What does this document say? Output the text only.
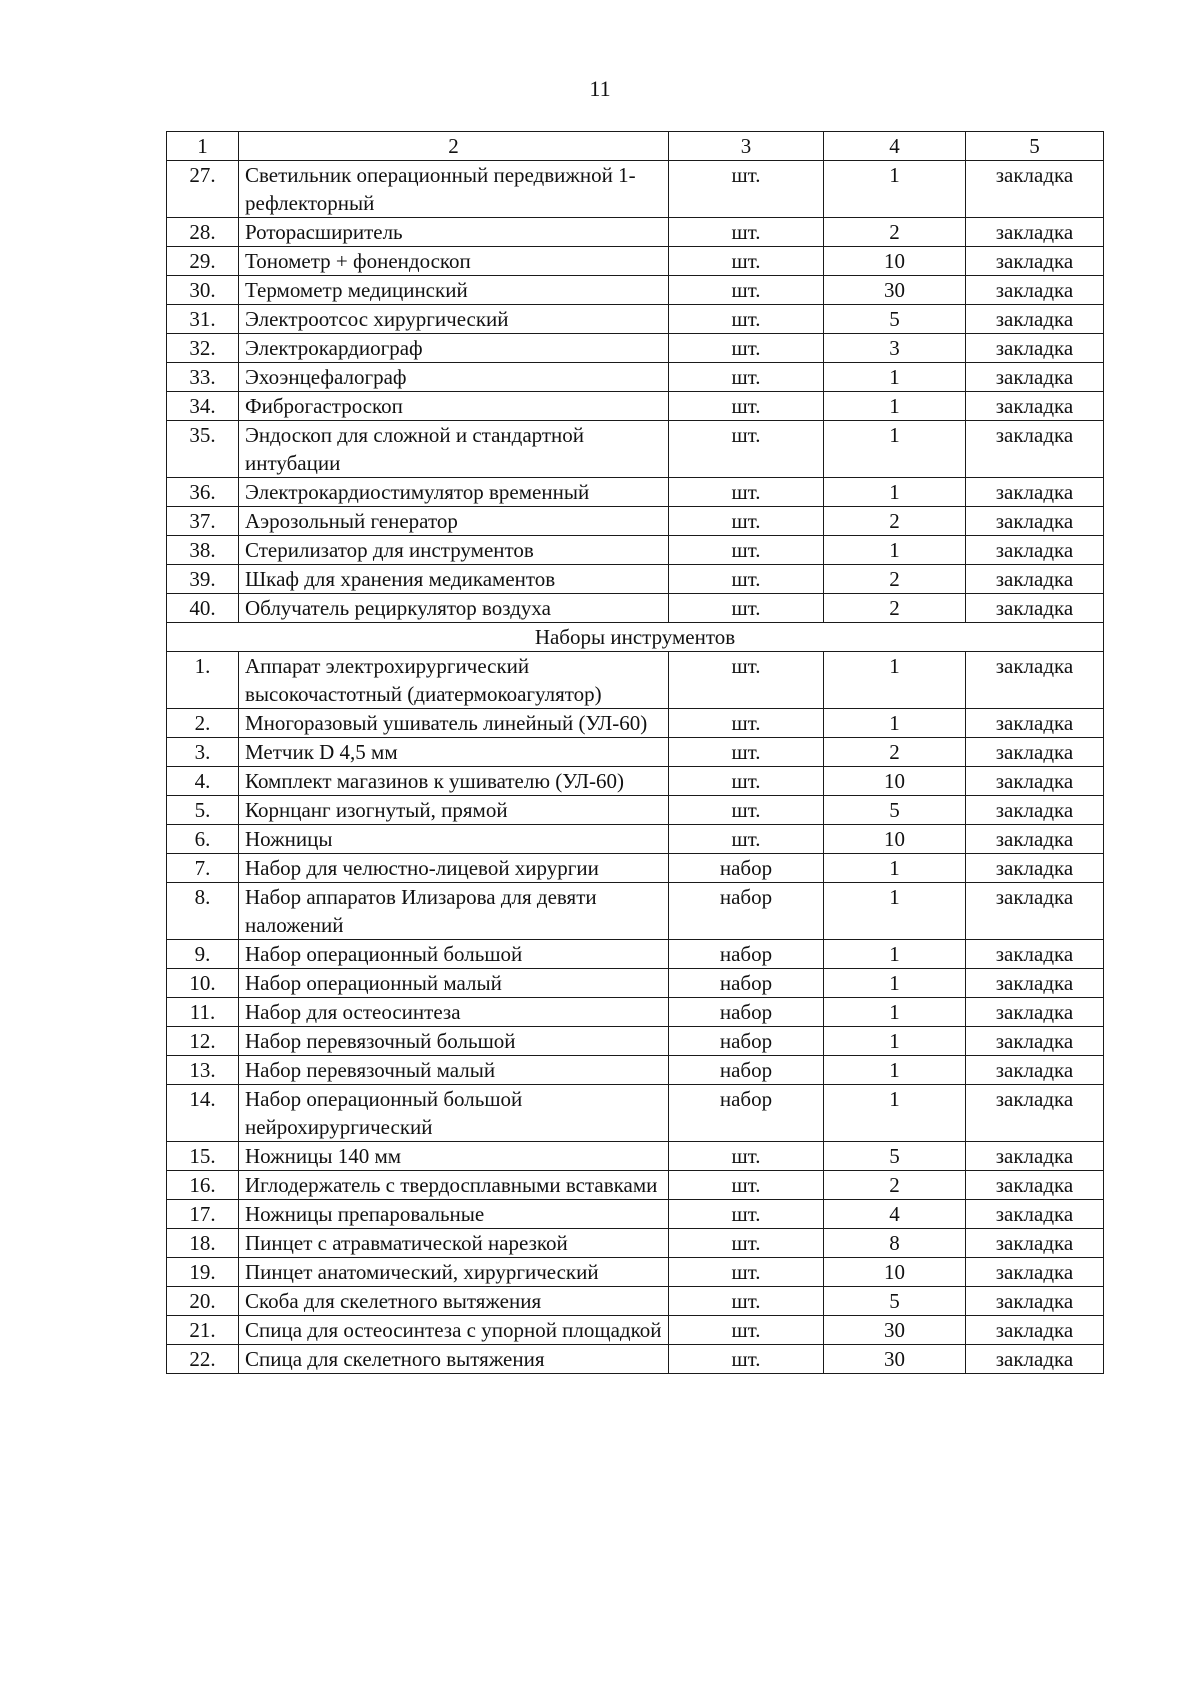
11
1	2	3	4	5
27.	Светильник операционный передвижной 1-рефлекторный	шт.	1	закладка
28.	Роторасширитель	шт.	2	закладка
29.	Тонометр + фонендоскоп	шт.	10	закладка
30.	Термометр медицинский	шт.	30	закладка
31.	Электроотсос хирургический	шт.	5	закладка
32.	Электрокардиограф	шт.	3	закладка
33.	Эхоэнцефалограф	шт.	1	закладка
34.	Фиброгастроскоп	шт.	1	закладка
35.	Эндоскоп для сложной и стандартной интубации	шт.	1	закладка
36.	Электрокардиостимулятор временный	шт.	1	закладка
37.	Аэрозольный генератор	шт.	2	закладка
38.	Стерилизатор для инструментов	шт.	1	закладка
39.	Шкаф для хранения медикаментов	шт.	2	закладка
40.	Облучатель рециркулятор воздуха	шт.	2	закладка
Наборы инструментов				
1.	Аппарат электрохирургический высокочастотный (диатермокоагулятор)	шт.	1	закладка
2.	Многоразовый ушиватель линейный (УЛ-60)	шт.	1	закладка
3.	Метчик D 4,5 мм	шт.	2	закладка
4.	Комплект магазинов к ушивателю (УЛ-60)	шт.	10	закладка
5.	Корнцанг изогнутый, прямой	шт.	5	закладка
6.	Ножницы	шт.	10	закладка
7.	Набор для челюстно-лицевой хирургии	набор	1	закладка
8.	Набор аппаратов Илизарова для девяти наложений	набор	1	закладка
9.	Набор операционный большой	набор	1	закладка
10.	Набор операционный малый	набор	1	закладка
11.	Набор для остеосинтеза	набор	1	закладка
12.	Набор перевязочный большой	набор	1	закладка
13.	Набор перевязочный малый	набор	1	закладка
14.	Набор операционный большой нейрохирургический	набор	1	закладка
15.	Ножницы 140 мм	шт.	5	закладка
16.	Иглодержатель с твердосплавными вставками	шт.	2	закладка
17.	Ножницы препаровальные	шт.	4	закладка
18.	Пинцет с атравматической нарезкой	шт.	8	закладка
19.	Пинцет анатомический, хирургический	шт.	10	закладка
20.	Скоба для скелетного вытяжения	шт.	5	закладка
21.	Спица для остеосинтеза с упорной площадкой	шт.	30	закладка
22.	Спица для скелетного вытяжения	шт.	30	закладка
